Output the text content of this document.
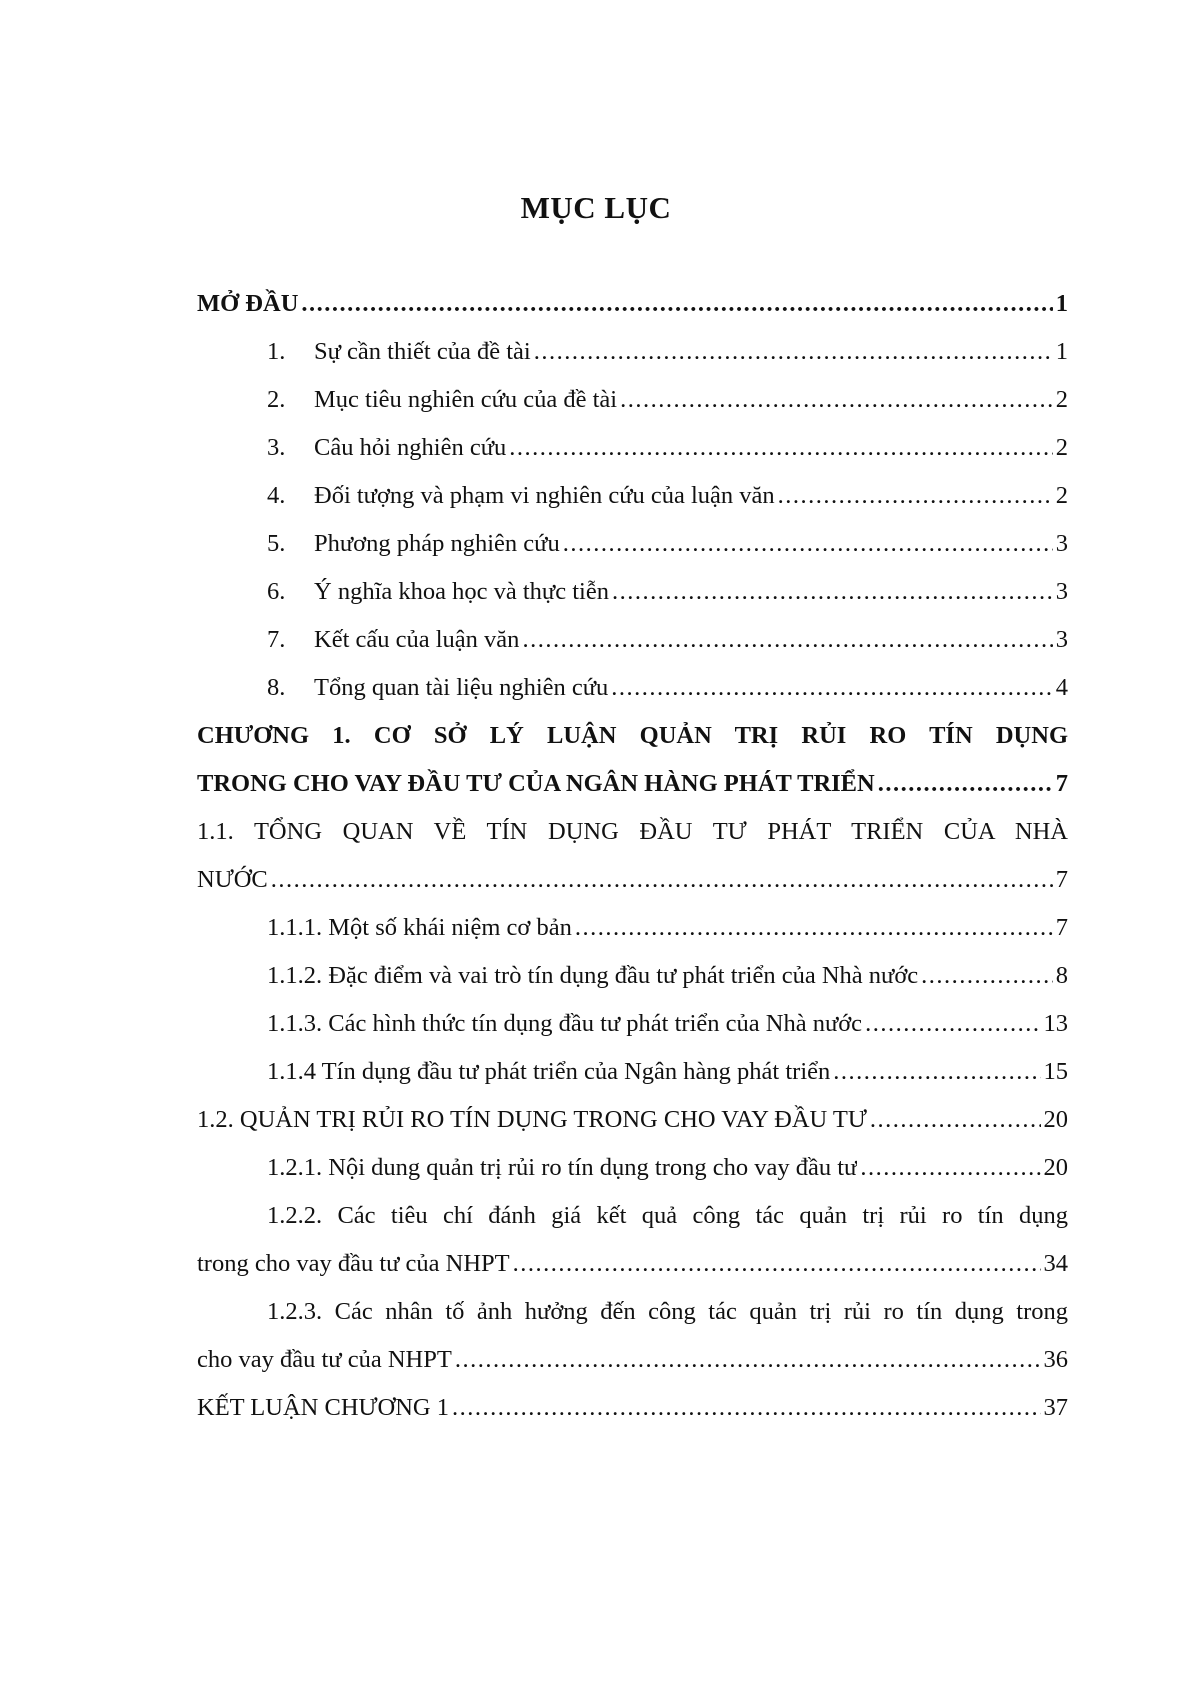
MỤC LỤC
MỞ ĐẦU .....	1
1.	Sự cần thiết của đề tài .....	1
2.	Mục tiêu nghiên cứu của đề tài .....	2
3.	Câu hỏi nghiên cứu .....	2
4.	Đối tượng và phạm vi nghiên cứu của luận văn .....	2
5.	Phương pháp nghiên cứu .....	3
6.	Ý nghĩa khoa học và thực tiễn .....	3
7.	Kết cấu của luận văn .....	3
8.	Tổng quan tài liệu nghiên cứu .....	4
CHƯƠNG 1. CƠ SỞ LÝ LUẬN QUẢN TRỊ RỦI RO TÍN DỤNG
TRONG CHO VAY ĐẦU TƯ CỦA NGÂN HÀNG PHÁT TRIỂN .....	7
1.1. TỔNG QUAN VỀ TÍN DỤNG ĐẦU TƯ PHÁT TRIỂN CỦA NHÀ
NƯỚC .....	7
1.1.1. Một số khái niệm cơ bản .....	7
1.1.2. Đặc điểm và vai trò tín dụng đầu tư phát triển của Nhà nước .....	8
1.1.3. Các hình thức tín dụng đầu tư phát triển của Nhà nước .....	13
1.1.4 Tín dụng đầu tư phát triển của Ngân hàng phát triển .....	15
1.2. QUẢN TRỊ RỦI RO TÍN DỤNG TRONG CHO VAY ĐẦU TƯ .....	20
1.2.1. Nội dung quản trị rủi ro tín dụng trong cho vay đầu tư .....	20
1.2.2. Các tiêu chí đánh giá kết quả công tác quản trị rủi ro tín dụng
trong cho vay đầu tư của NHPT .....	34
1.2.3. Các nhân tố ảnh hưởng đến công tác quản trị rủi ro tín dụng trong
cho vay đầu tư của NHPT .....	36
KẾT LUẬN CHƯƠNG 1 .....	37
